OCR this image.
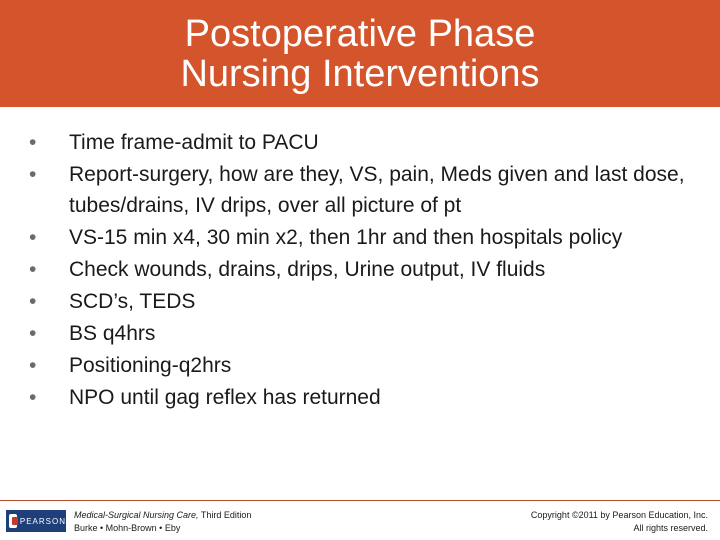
Postoperative Phase
Nursing Interventions
• Time frame-admit to PACU
• Report-surgery, how are they, VS, pain, Meds given and last dose, tubes/drains, IV drips, over all picture of pt
• VS-15 min x4, 30 min x2, then 1hr and then hospitals policy
• Check wounds, drains, drips, Urine output, IV fluids
• SCD’s, TEDS
• BS q4hrs
• Positioning-q2hrs
• NPO until gag reflex has returned
PEARSON
Medical-Surgical Nursing Care, Third Edition
Burke • Mohn-Brown • Eby
Copyright ©2011 by Pearson Education, Inc.
All rights reserved.
